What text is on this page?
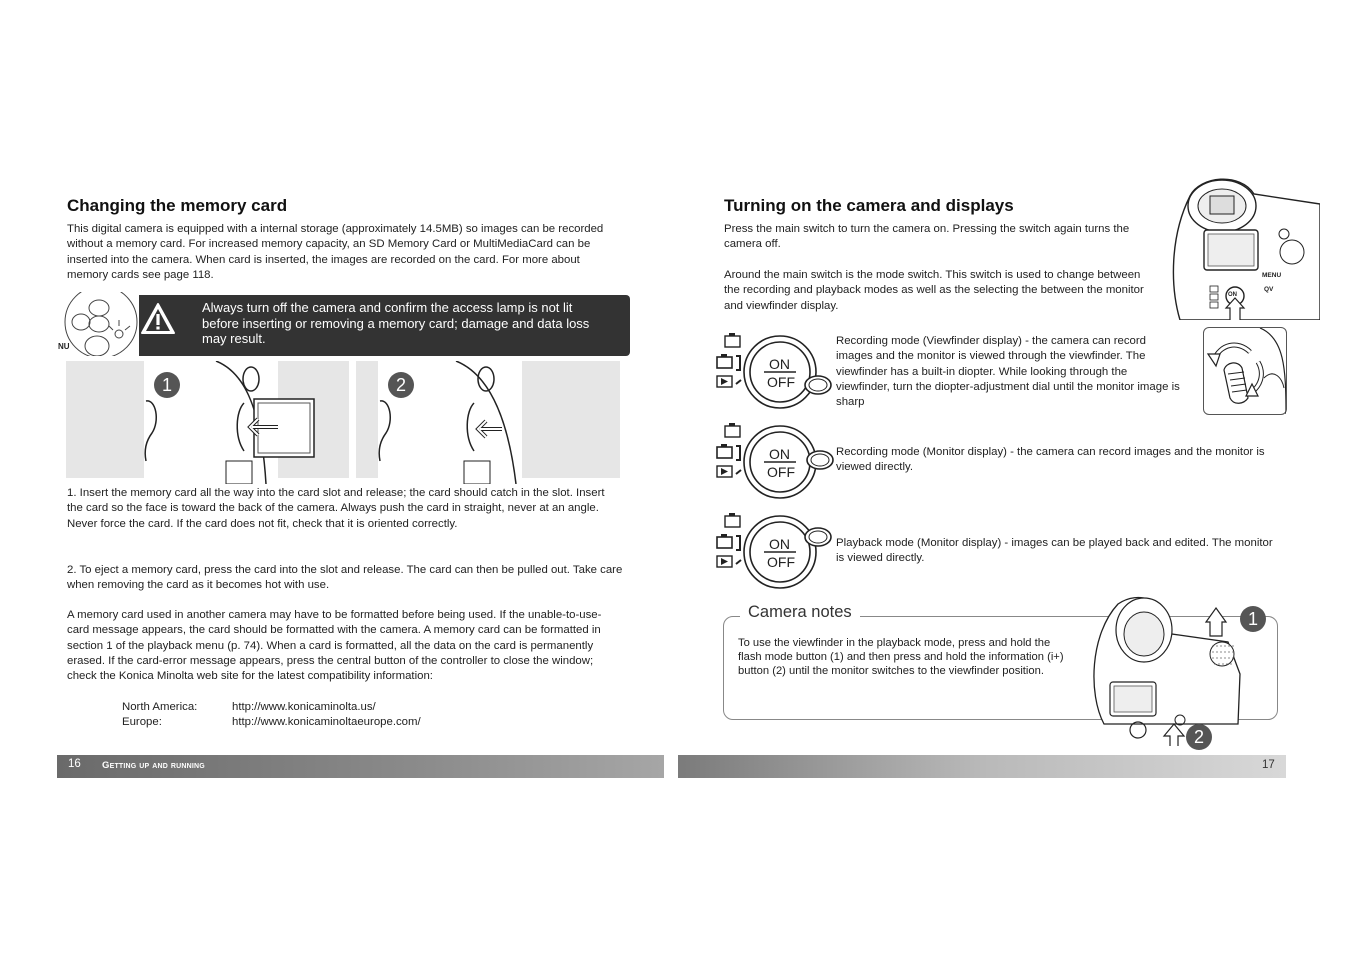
Changing the memory card
This digital camera is equipped with a internal storage (approximately 14.5MB) so images can be recorded without a memory card. For increased memory capacity, an SD Memory Card or MultiMediaCard can be inserted into the camera. When card is inserted, the images are recorded on the card. For more about memory cards see page 118.
NU
Always turn off the camera and confirm the access lamp is not lit before inserting or removing a memory card; damage and data loss may result.
1	2
1. Insert the memory card all the way into the card slot and release; the card should catch in the slot. Insert the card so the face is toward the back of the camera. Always push the card in straight, never at an angle. Never force the card. If the card does not fit, check that it is oriented correctly.
2. To eject a memory card, press the card into the slot and release. The card can then be pulled out. Take care when removing the card as it becomes hot with use.
A memory card used in another camera may have to be formatted before being used. If the unable-to-use-card message appears, the card should be formatted with the camera. A memory card can be formatted in section 1 of the playback menu (p. 74). When a card is formatted, all the data on the card is permanently erased. If the card-error message appears, press the central button of the controller to close the window; check the Konica Minolta web site for the latest compatibility information:
North America:	http://www.konicaminolta.us/
Europe:	http://www.konicaminoltaeurope.com/
16 Getting up and running
Turning on the camera and displays
Press the main switch to turn the camera on. Pressing the switch again turns the camera off.
Around the main switch is the mode switch. This switch is used to change between the recording and playback modes as well as the selecting the between the monitor and viewfinder display.
MENU
QV
ON
ON
OFF
Recording mode (Viewfinder display) - the camera can record images and the monitor is viewed through the viewfinder. The viewfinder has a built-in diopter. While looking through the viewfinder, turn the diopter-adjustment dial until the monitor image is sharp
ON
OFF
Recording mode (Monitor display) - the camera can record images and the monitor is viewed directly.
ON
OFF
Playback mode (Monitor display) - images can be played back and edited. The monitor is viewed directly.
Camera notes
To use the viewfinder in the playback mode, press and hold the flash mode button (1) and then press and hold the information (i+) button (2) until the monitor switches to the viewfinder position.
1
2
17
